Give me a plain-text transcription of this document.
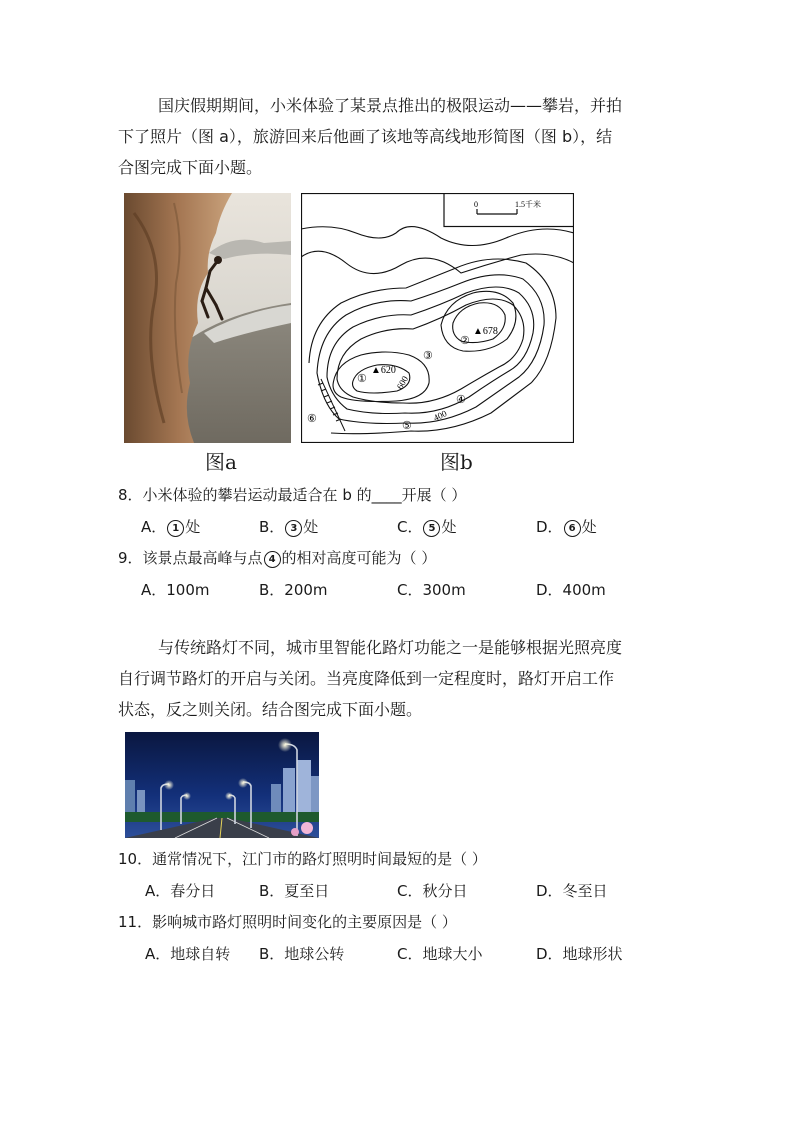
国庆假期期间，小米体验了某景点推出的极限运动——攀岩，并拍
下了照片（图 a），旅游回来后他画了该地等高线地形简图（图 b），结
合图完成下面小题。
图a
0	1.5千米
▲620
▲678
600
400
①
②
③
④
⑤
⑥
图b
8．小米体验的攀岩运动最适合在 b 的____开展（ ）
A． 1 处	B． 3 处	C． 5 处	D． 6 处
9．该景点最高峰与点 4 的相对高度可能为（ ）
A．100m	B．200m	C．300m	D．400m
与传统路灯不同，城市里智能化路灯功能之一是能够根据光照亮度
自行调节路灯的开启与关闭。当亮度降低到一定程度时，路灯开启工作
状态，反之则关闭。结合图完成下面小题。
10．通常情况下，江门市的路灯照明时间最短的是（ ）
A．春分日	B．夏至日	C．秋分日	D．冬至日
11．影响城市路灯照明时间变化的主要原因是（ ）
A．地球自转 B．地球公转	C．地球大小	D．地球形状
